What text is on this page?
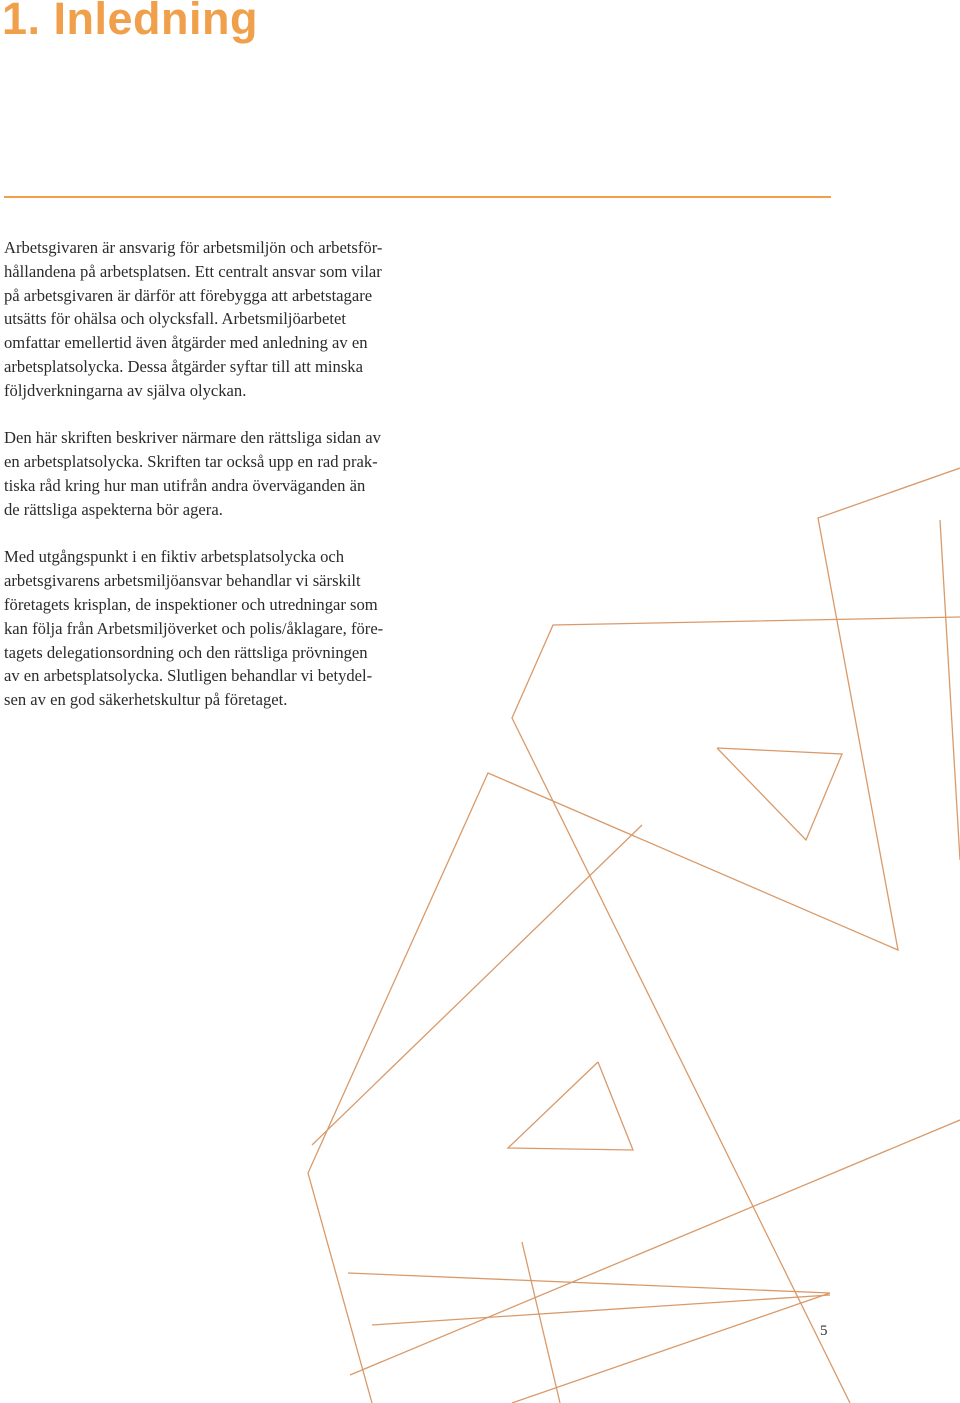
1. Inledning

Arbetsgivaren är ansvarig för arbetsmiljön och arbetsför-
hållandena på arbetsplatsen. Ett centralt ansvar som vilar
på arbetsgivaren är därför att förebygga att arbetstagare
utsätts för ohälsa och olycksfall. Arbetsmiljöarbetet
omfattar emellertid även åtgärder med anledning av en
arbetsplatsolycka. Dessa åtgärder syftar till att minska
följdverkningarna av själva olyckan.

Den här skriften beskriver närmare den rättsliga sidan av
en arbetsplatsolycka. Skriften tar också upp en rad prak-
tiska råd kring hur man utifrån andra överväganden än
de rättsliga aspekterna bör agera.

Med utgångspunkt i en fiktiv arbetsplatsolycka och
arbetsgivarens arbetsmiljöansvar behandlar vi särskilt
företagets krisplan, de inspektioner och utredningar som
kan följa från Arbetsmiljöverket och polis/åklagare, före-
tagets delegationsordning och den rättsliga prövningen
av en arbetsplatsolycka. Slutligen behandlar vi betydel-
sen av en god säkerhetskultur på företaget.

5
